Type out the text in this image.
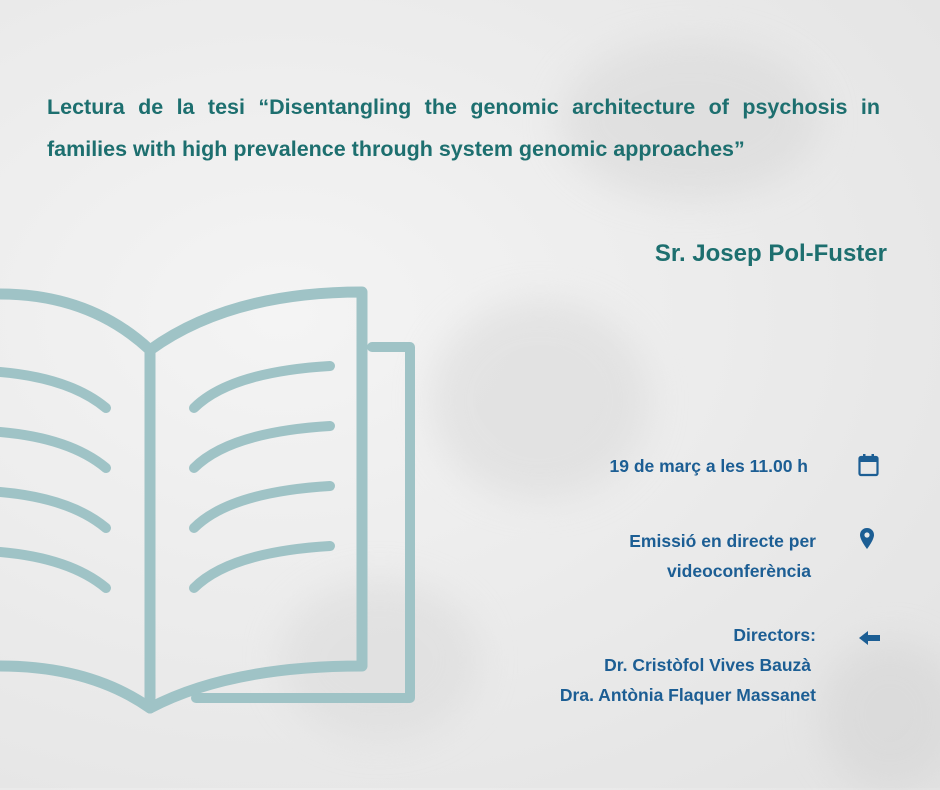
Lectura de la tesi “Disentangling the genomic architecture of psychosis in families with high prevalence through system genomic approaches”

Sr. Josep Pol-Fuster

19 de març a les 11.00 h

Emissió en directe per
videoconferència

Directors:
Dr. Cristòfol Vives Bauzà
Dra. Antònia Flaquer Massanet
